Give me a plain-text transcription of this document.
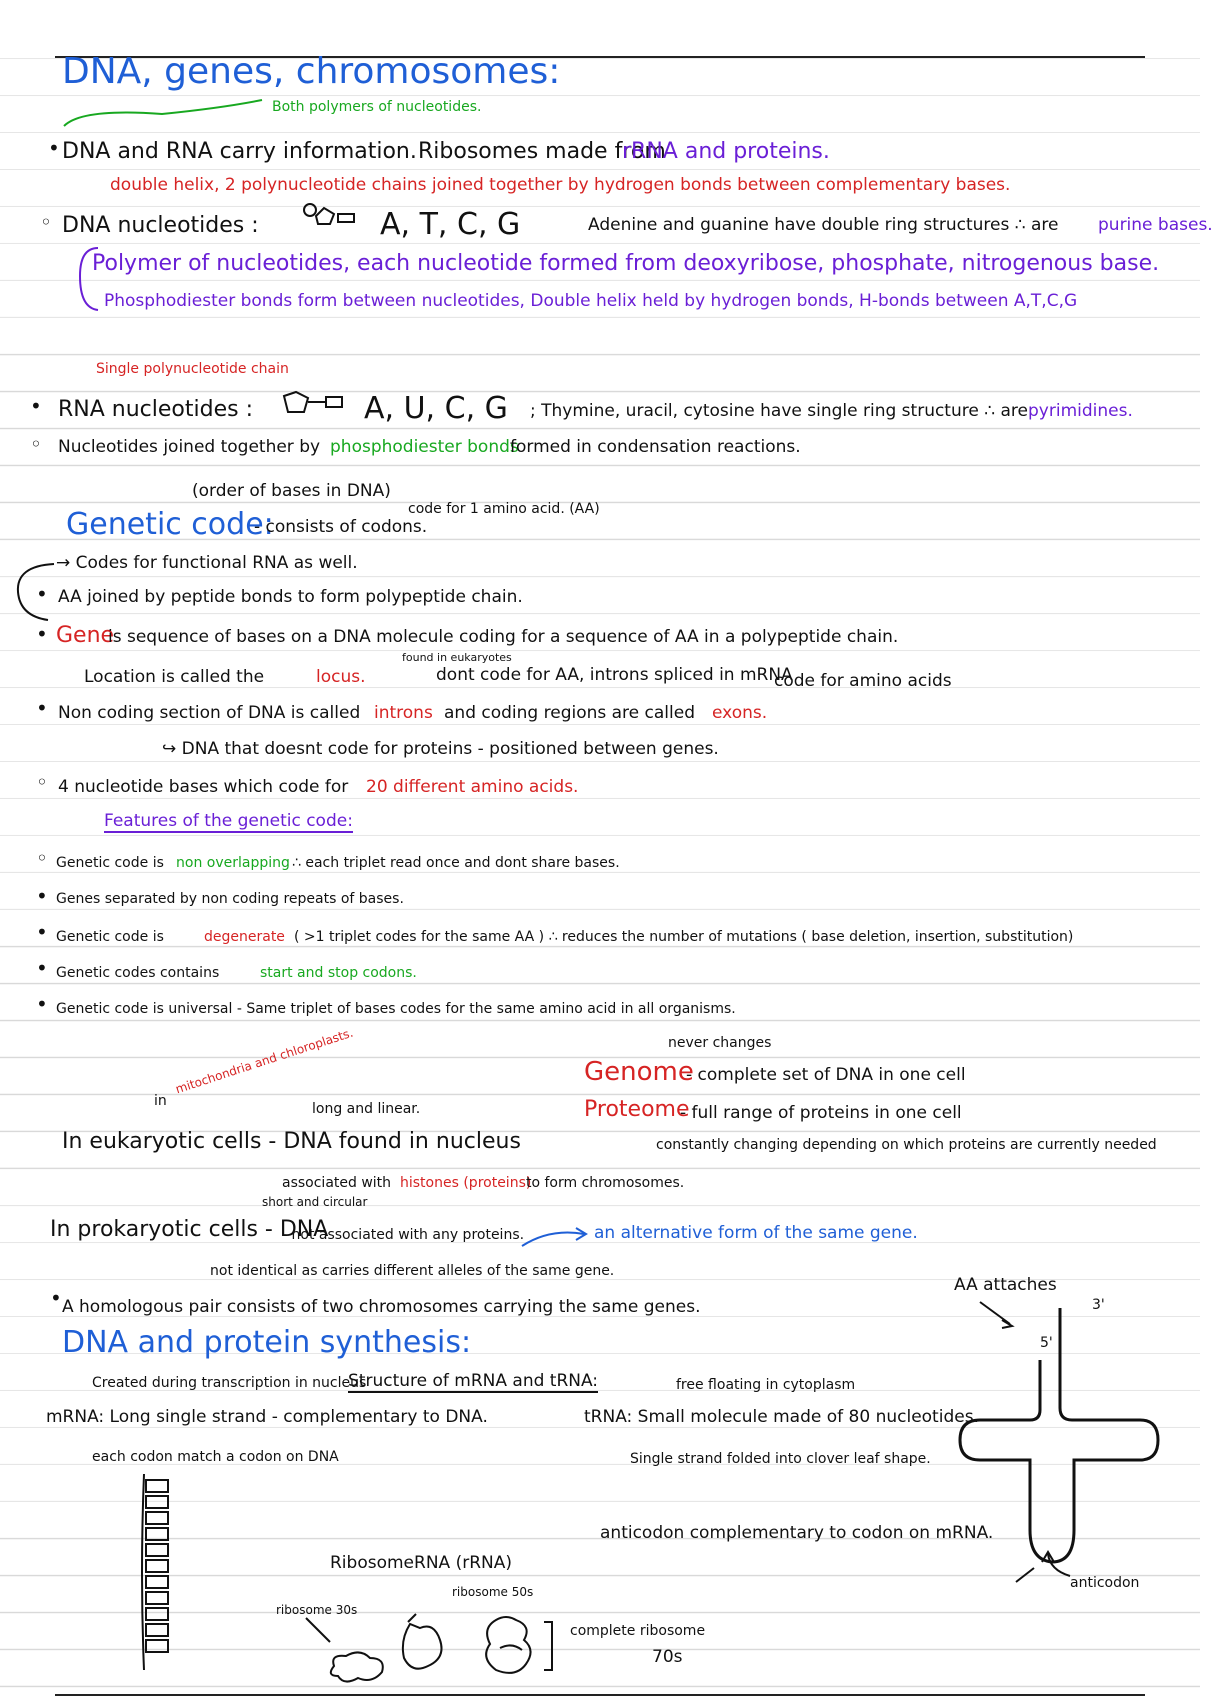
DNA, genes, chromosomes:
Both polymers of nucleotides.
• DNA and RNA carry information. Ribosomes made from
rRNA and proteins.
double helix, 2 polynucleotide chains joined together by hydrogen bonds between complementary bases.
◦ DNA nucleotides :	A, T, C, G	Adenine and guanine have double ring structures ∴ are purine bases.
Polymer of nucleotides, each nucleotide formed from deoxyribose, phosphate, nitrogenous base.
Phosphodiester bonds form between nucleotides, Double helix held by hydrogen bonds, H-bonds between A,T,C,G
Single polynucleotide chain
• RNA nucleotides :	A, U, C, G ; Thymine, uracil, cytosine have single ring structure ∴ are pyrimidines.
◦ Nucleotides joined together by phosphodiester bonds
formed in condensation reactions.
(order of bases in DNA)
code for 1 amino acid. (AA)
Genetic code:
- consists of codons.
→ Codes for functional RNA as well.
• AA joined by peptide bonds to form polypeptide chain.
• Gene
is sequence of bases on a DNA molecule coding for a sequence of AA in a polypeptide chain.
found in eukaryotes
Location is called the	locus.	dont code for AA, introns spliced in mRNA
code for amino acids
• Non coding section of DNA is called introns and coding regions are called exons.
↪ DNA that doesnt code for proteins - positioned between genes.
◦ 4 nucleotide bases which code for 20 different amino acids.
Features of the genetic code:
◦ Genetic code is non overlapping ∴ each triplet read once and dont share bases.
• Genes separated by non coding repeats of bases.
• Genetic code is	degenerate ( >1 triplet codes for the same AA ) ∴ reduces the number of mutations ( base deletion, insertion, substitution)
• Genetic codes contains	start and stop codons.
• Genetic code is universal - Same triplet of bases codes for the same amino acid in all organisms.
never changes
Genome
- complete set of DNA in one cell
Proteome
- full range of proteins in one cell
constantly changing depending on which proteins are currently needed
in
mitochondria and chloroplasts.
long and linear.
In eukaryotic cells - DNA found in nucleus
associated with histones (proteins)
to form chromosomes.
short and circular
In prokaryotic cells - DNA
- not associated with any proteins.	an alternative form of the same gene.
not identical as carries different alleles of the same gene.
• A homologous pair consists of two chromosomes carrying the same genes.
DNA and protein synthesis:
Created during transcription in nucleus
Structure of mRNA and tRNA:	free floating in cytoplasm
mRNA: Long single strand - complementary to DNA.	tRNA: Small molecule made of 80 nucleotides.
each codon match a codon on DNA	Single strand folded into clover leaf shape.
anticodon complementary to codon on mRNA.
AA attaches
3'
5'
anticodon
RibosomeRNA (rRNA)
ribosome 50s
ribosome 30s
complete ribosome
70s
